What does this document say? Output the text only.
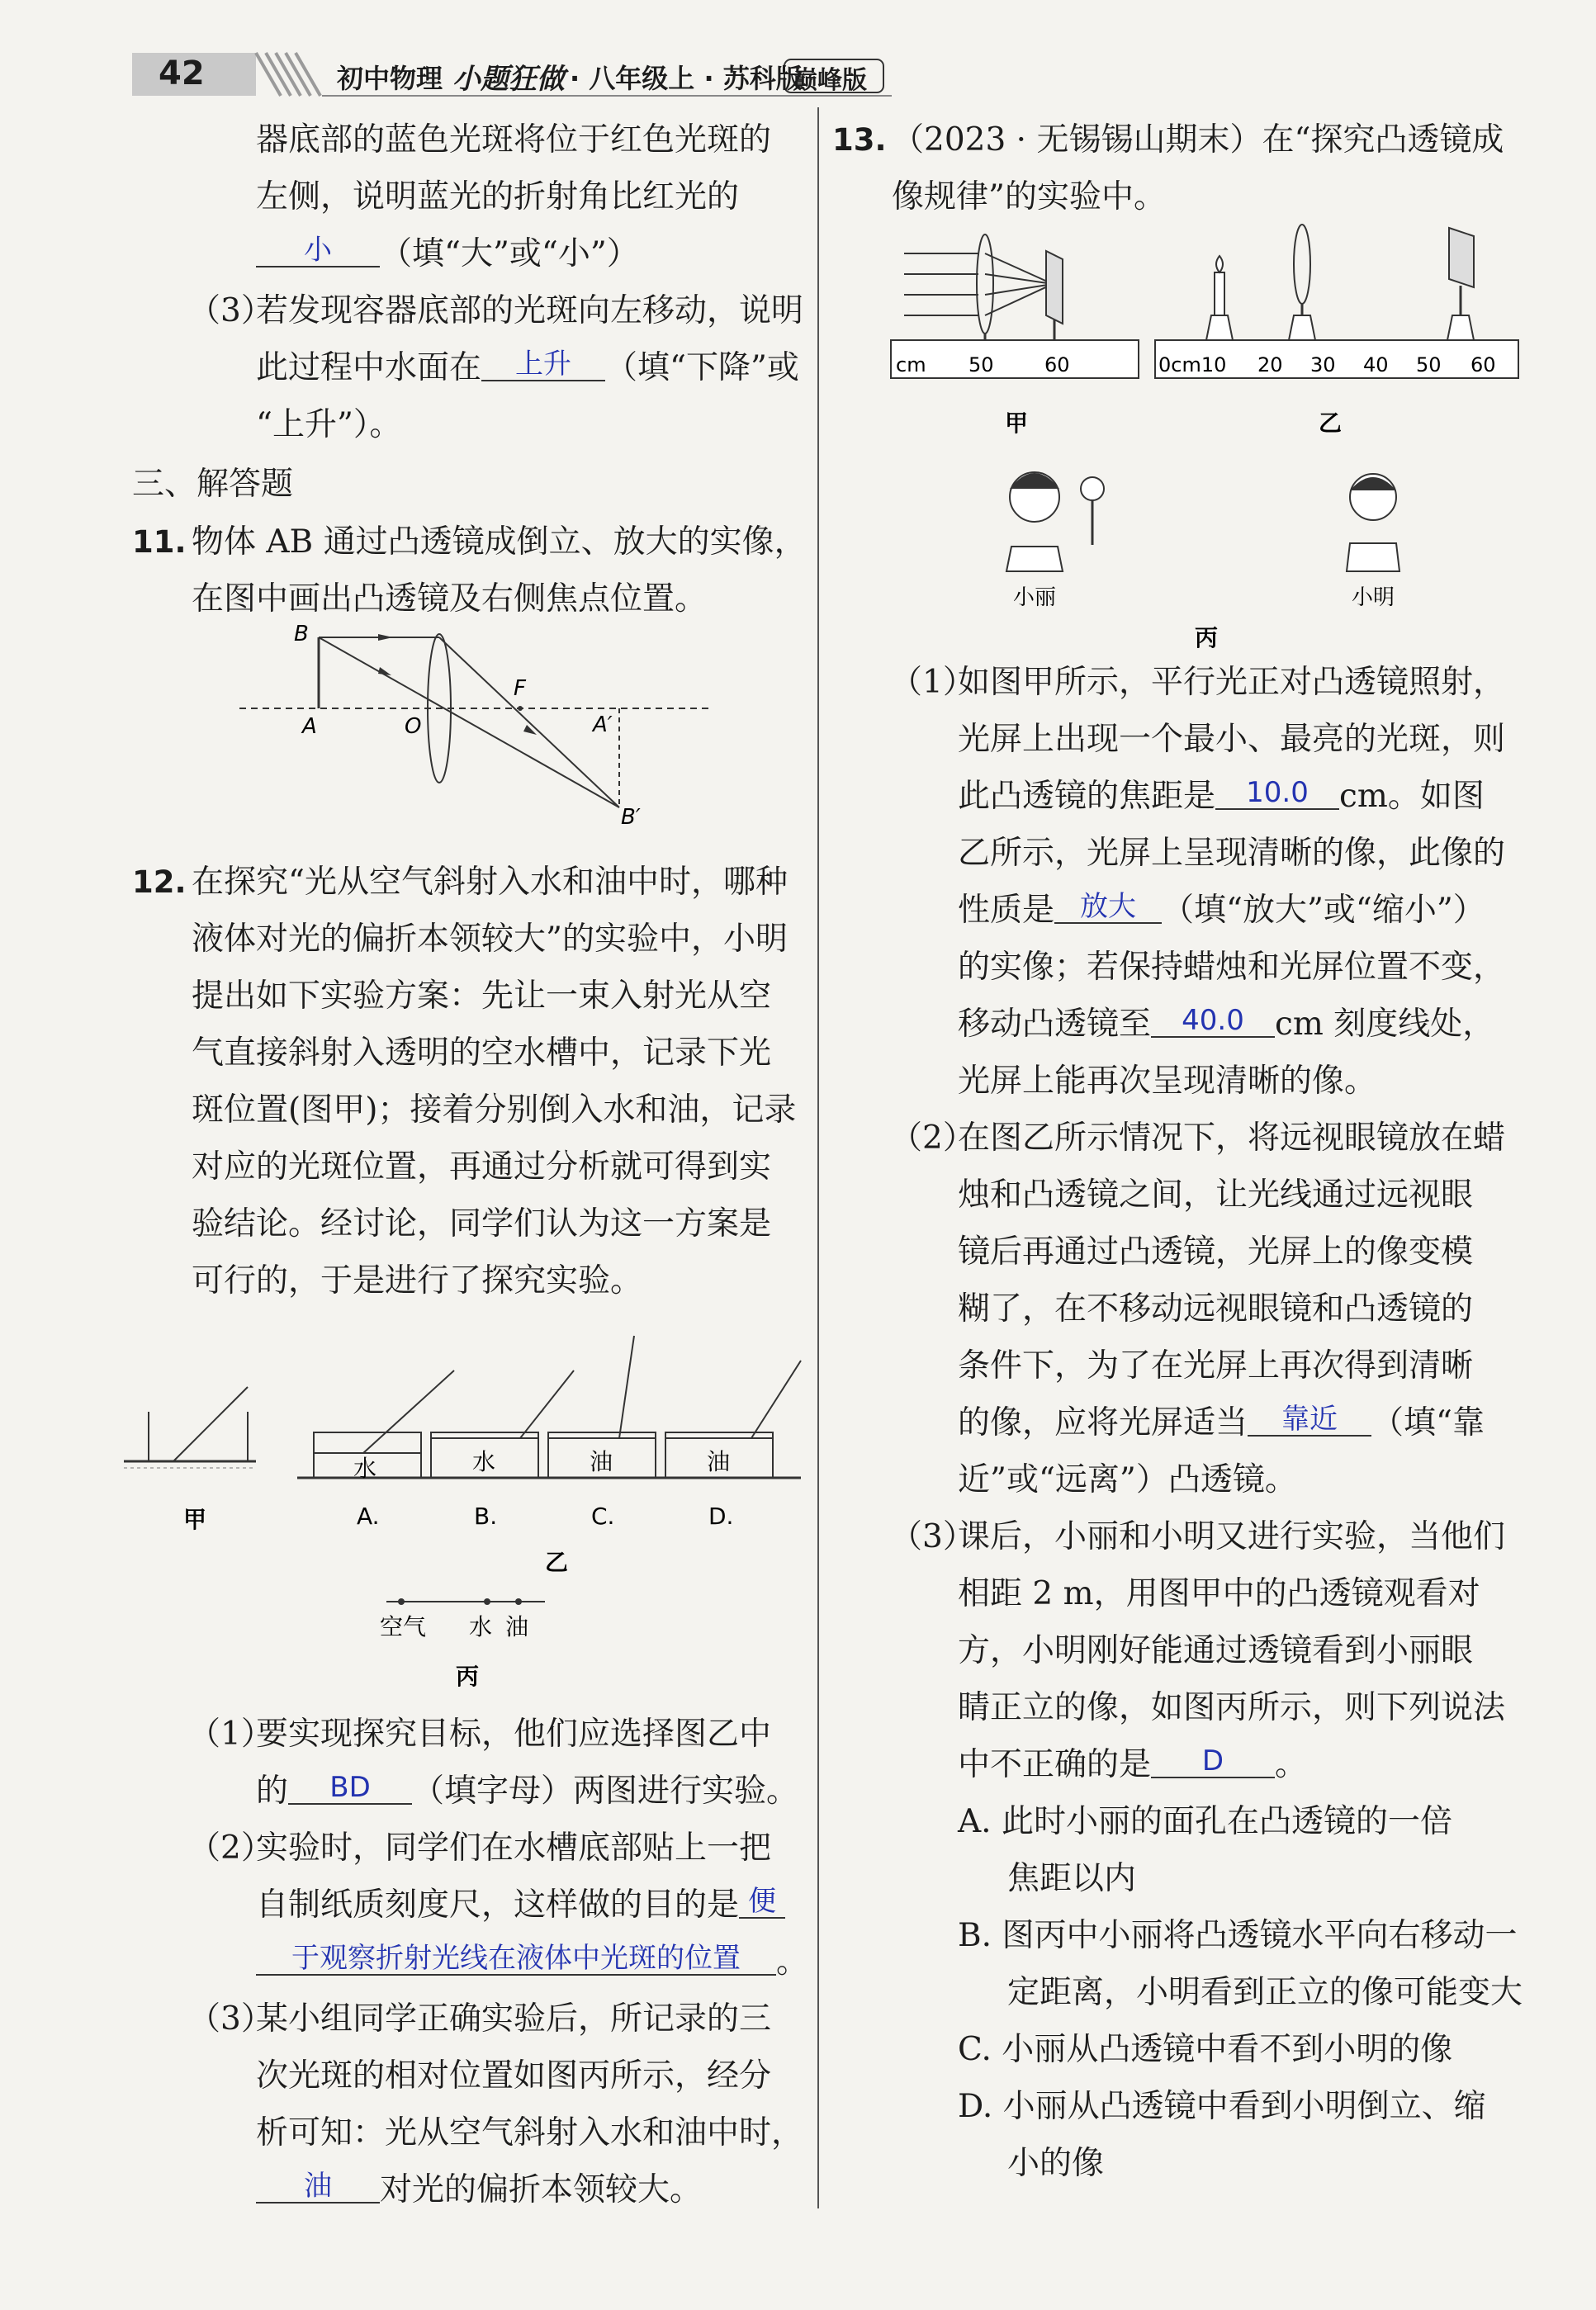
42	初中物理 小题狂做 · 八年级上 · 苏科版
巅峰版
器底部的蓝色光斑将位于红色光斑的
左侧，说明蓝光的折射角比红光的
小 （填“大”或“小”）
（3）
若发现容器底部的光斑向左移动，说明
此过程中水面在 上升 （填“下降”或
“上升”）。
三、解答题
11. 物体 AB 通过凸透镜成倒立、放大的实像，
在图中画出凸透镜及右侧焦点位置。
B
A	O
F
A′
B′
12. 在探究“光从空气斜射入水和油中时，哪种
液体对光的偏折本领较大”的实验中，小明
提出如下实验方案：先让一束入射光从空
气直接斜射入透明的空水槽中，记录下光
斑位置(图甲)；接着分别倒入水和油，记录
对应的光斑位置，再通过分析就可得到实
验结论。经讨论，同学们认为这一方案是
可行的，于是进行了探究实验。
水	水	油	油
A.	B.	C.	D.
甲
乙
空气 水 油
丙
（1）
要实现探究目标，他们应选择图乙中
的 BD （填字母）两图进行实验。
（2）
实验时，同学们在水槽底部贴上一把
自制纸质刻度尺，这样做的目的是 便
于观察折射光线在液体中光斑的位置 。
（3）
某小组同学正确实验后，所记录的三
次光斑的相对位置如图丙所示，经分
析可知：光从空气斜射入水和油中时，
油 对光的偏折本领较大。
13. （2023 · 无锡锡山期末）在“探究凸透镜成
像规律”的实验中。
cm 50	60
甲
0cm10 20 30 40 50 60
乙
小丽	小明
丙
（1）
如图甲所示，平行光正对凸透镜照射，
光屏上出现一个最小、最亮的光斑，则
此凸透镜的焦距是 10.0 cm。如图
乙所示，光屏上呈现清晰的像，此像的
性质是 放大 （填“放大”或“缩小”）
的实像；若保持蜡烛和光屏位置不变，
移动凸透镜至 40.0 cm 刻度线处，
光屏上能再次呈现清晰的像。
（2）
在图乙所示情况下，将远视眼镜放在蜡
烛和凸透镜之间，让光线通过远视眼
镜后再通过凸透镜，光屏上的像变模
糊了，在不移动远视眼镜和凸透镜的
条件下，为了在光屏上再次得到清晰
的像，应将光屏适当 靠近 （填“靠
近”或“远离”）凸透镜。
（3）
课后，小丽和小明又进行实验，当他们
相距 2 m，用图甲中的凸透镜观看对
方，小明刚好能通过透镜看到小丽眼
睛正立的像，如图丙所示，则下列说法
中不正确的是 D 。
A. 此时小丽的面孔在凸透镜的一倍
焦距以内
B. 图丙中小丽将凸透镜水平向右移动一
定距离，小明看到正立的像可能变大
C. 小丽从凸透镜中看不到小明的像
D. 小丽从凸透镜中看到小明倒立、缩
小的像
